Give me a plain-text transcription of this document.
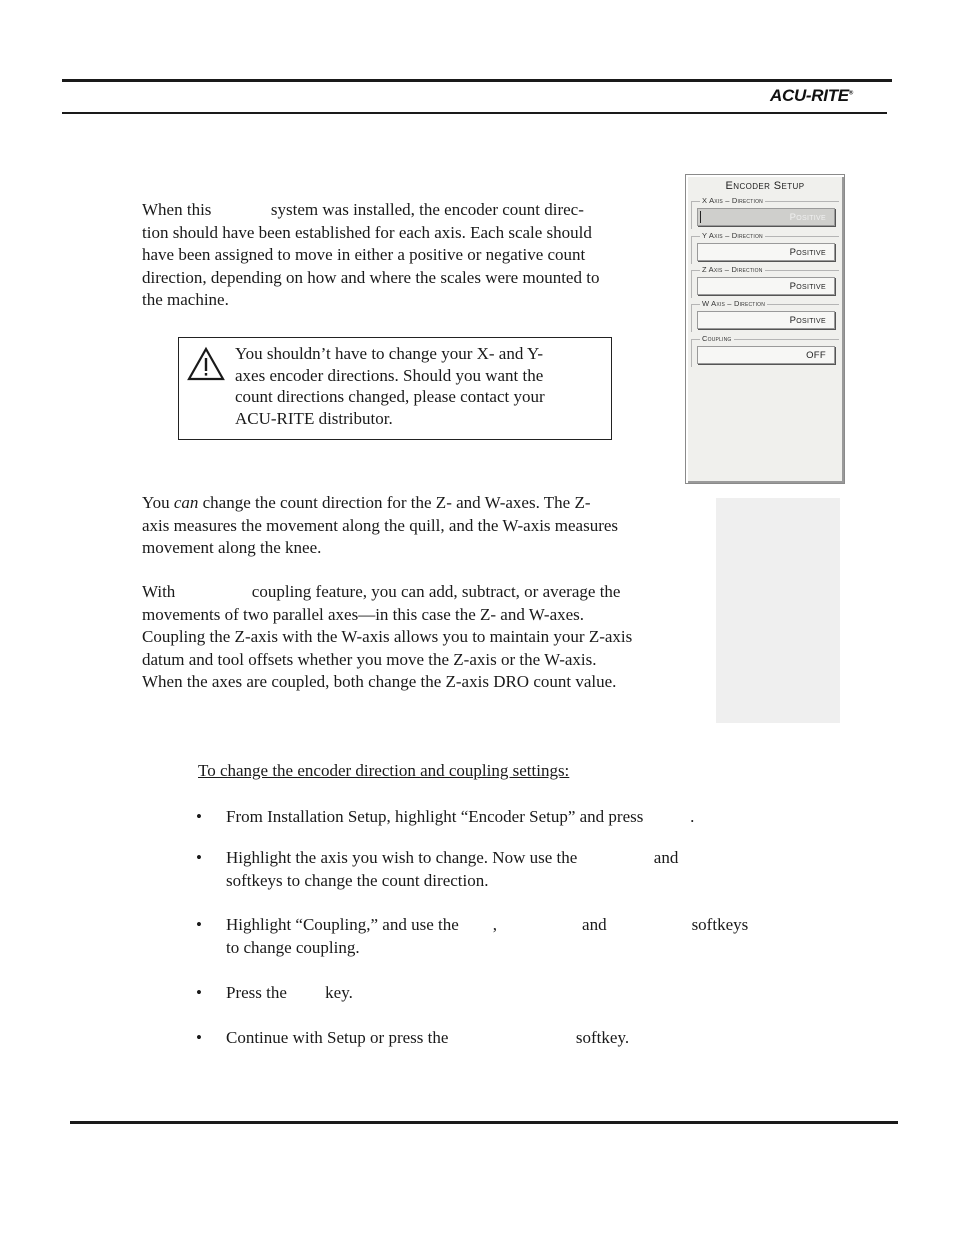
ACU-RITE®

When this              system was installed, the encoder count direc-
tion should have been established for each axis. Each scale should
have been assigned to move in either a positive or negative count
direction, depending on how and where the scales were mounted to
the machine.

You shouldn’t have to change your X- and Y-
axes encoder directions. Should you want the
count directions changed, please contact your
ACU-RITE distributor.

Encoder Setup
X Axis – Direction
Positive
Y Axis – Direction
Positive
Z Axis – Direction
Positive
W Axis – Direction
Positive
Coupling
OFF

You can change the count direction for the Z- and W-axes. The Z-
axis measures the movement along the quill, and the W-axis measures
movement along the knee.

With                  coupling feature, you can add, subtract, or average the
movements of two parallel axes—in this case the Z- and W-axes.
Coupling the Z-axis with the W-axis allows you to maintain your Z-axis
datum and tool offsets whether you move the Z-axis or the W-axis.
When the axes are coupled, both change the Z-axis DRO count value.

To change the encoder direction and coupling settings:

• From Installation Setup, highlight “Encoder Setup” and press           .
• Highlight the axis you wish to change. Now use the                  and
softkeys to change the count direction.
• Highlight “Coupling,” and use the        ,                    and                    softkeys
to change coupling.
• Press the         key.
• Continue with Setup or press the                              softkey.
